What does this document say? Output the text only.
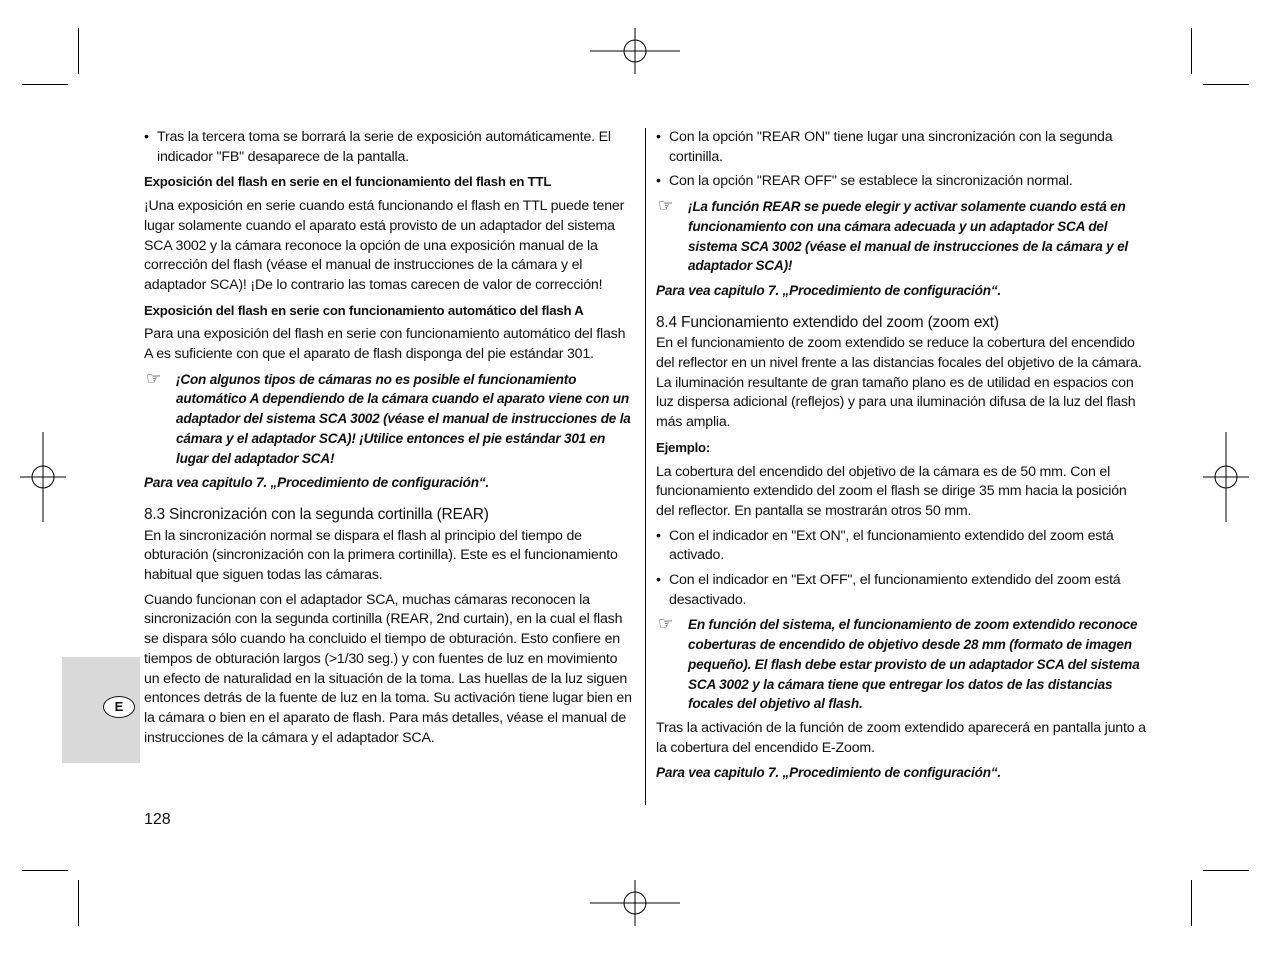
E
• Tras la tercera toma se borrará la serie de exposición automáticamente. El indicador "FB" desaparece de la pantalla.
Exposición del flash en serie en el funcionamiento del flash en TTL

¡Una exposición en serie cuando está funcionando el flash en TTL puede tener lugar solamente cuando el aparato está provisto de un adaptador del sistema SCA 3002 y la cámara reconoce la opción de una exposición manual de la corrección del flash (véase el manual de instrucciones de la cámara y el adaptador SCA)! ¡De lo contrario las tomas carecen de valor de corrección!

Exposición del flash en serie con funcionamiento automático del flash A

Para una exposición del flash en serie con funcionamiento automático del flash A es suficiente con que el aparato de flash disponga del pie estándar 301.

☞ ¡Con algunos tipos de cámaras no es posible el funcionamiento automático A dependiendo de la cámara cuando el aparato viene con un adaptador del sistema SCA 3002 (véase el manual de instrucciones de la cámara y el adaptador SCA)! ¡Utilice entonces el pie estándar 301 en lugar del adaptador SCA!
Para vea capitulo 7. „Procedimiento de configuración“.
8.3 Sincronización con la segunda cortinilla (REAR)

En la sincronización normal se dispara el flash al principio del tiempo de obturación (sincronización con la primera cortinilla). Este es el funcionamiento habitual que siguen todas las cámaras.

Cuando funcionan con el adaptador SCA, muchas cámaras reconocen la sincronización con la segunda cortinilla (REAR, 2nd curtain), en la cual el flash se dispara sólo cuando ha concluido el tiempo de obturación. Esto confiere en tiempos de obturación largos (>1/30 seg.) y con fuentes de luz en movimiento un efecto de naturalidad en la situación de la toma. Las huellas de la luz siguen entonces detrás de la fuente de luz en la toma. Su activación tiene lugar bien en la cámara o bien en el aparato de flash. Para más detalles, véase el manual de instrucciones de la cámara y el adaptador SCA.

• Con la opción "REAR ON" tiene lugar una sincronización con la segunda cortinilla.
• Con la opción "REAR OFF" se establece la sincronización normal.
☞ ¡La función REAR se puede elegir y activar solamente cuando está en funcionamiento con una cámara adecuada y un adaptador SCA del sistema SCA 3002 (véase el manual de instrucciones de la cámara y el adaptador SCA)!
Para vea capitulo 7. „Procedimiento de configuración“.
8.4 Funcionamiento extendido del zoom (zoom ext)

En el funcionamiento de zoom extendido se reduce la cobertura del encendido del reflector en un nivel frente a las distancias focales del objetivo de la cámara. La iluminación resultante de gran tamaño plano es de utilidad en espacios con luz dispersa adicional (reflejos) y para una iluminación difusa de la luz del flash más amplia.

Ejemplo:

La cobertura del encendido del objetivo de la cámara es de 50 mm. Con el funcionamiento extendido del zoom el flash se dirige 35 mm hacia la posición del reflector. En pantalla se mostrarán otros 50 mm.

• Con el indicador en "Ext ON", el funcionamiento extendido del zoom está activado.
• Con el indicador en "Ext OFF", el funcionamiento extendido del zoom está desactivado.
☞ En función del sistema, el funcionamiento de zoom extendido reconoce coberturas de encendido de objetivo desde 28 mm (formato de imagen pequeño). El flash debe estar provisto de un adaptador SCA del sistema SCA 3002 y la cámara tiene que entregar los datos de las distancias focales del objetivo al flash.

Tras la activación de la función de zoom extendido aparecerá en pantalla junto a la cobertura del encendido E-Zoom.

Para vea capitulo 7. „Procedimiento de configuración“.
128
